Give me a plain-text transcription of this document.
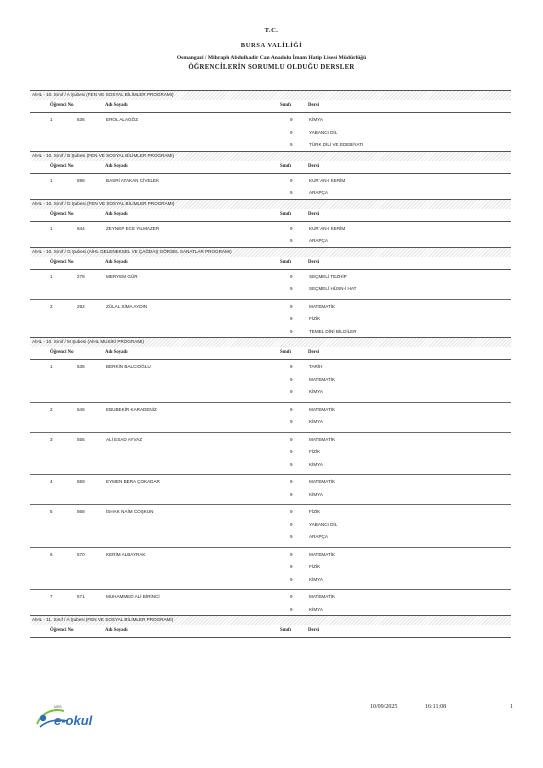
T.C.
BURSA VALİLİĞİ
Osmangazi / Mihraplı Abdulkadir Can Anadolu İmam Hatip Lisesi Müdürlüğü
ÖĞRENCİLERİN SORUMLU OLDUĞU DERSLER
AİHL - 10. Sınıf / A Şubesi (FEN VE SOSYAL BİLİMLER PROGRAMI)
Öğrenci No	Adı Soyadı	Sınıfı	Dersi
1	536	EROL ALAGÖZ	9	KİMYA
9	YABANCI DİL
9	TÜRK DİLİ VE EDEBİYATI
AİHL - 10. Sınıf / B Şubesi (FEN VE SOSYAL BİLİMLER PROGRAMI)
Öğrenci No	Adı Soyadı	Sınıfı	Dersi
1	598	BASRİ ATAKAN CİVELEK	9	KUR`AN-I KERİM
9	ARAPÇA
AİHL - 10. Sınıf / D Şubesi (FEN VE SOSYAL BİLİMLER PROGRAMI)
Öğrenci No	Adı Soyadı	Sınıfı	Dersi
1	644	ZEYNEP ECE YILMAZER	9	KUR`AN-I KERİM
9	ARAPÇA
AİHL - 10. Sınıf / G Şubesi (AİHL GELENEKSEL VE ÇAĞDAŞ GÖRSEL SANATLAR PROGRAMI)
Öğrenci No	Adı Soyadı	Sınıfı	Dersi
1	278	MERYEM GÜR	9	SEÇMELİ TEZHİP
9	SEÇMELİ HÜSN-İ HAT
2	292	ZÜLAL SİMA AYDIN	9	MATEMATİK
9	FİZİK
9	TEMEL DİNİ BİLGİLER
AİHL - 10. Sınıf / M Şubesi (AİHL MUSİKİ PROGRAMI)
Öğrenci No	Adı Soyadı	Sınıfı	Dersi
1	538	BERKİN BALCIOĞLU	9	TARİH
9	MATEMATİK
9	KİMYA
2	546	EBUBEKİR KARADENİZ	9	MATEMATİK
9	KİMYA
3	555	ALİ ESAD AYVAZ	9	MATEMATİK
9	FİZİK
9	KİMYA
4	559	EYMEN BERA ÇOKADAR	9	MATEMATİK
9	KİMYA
5	568	İSHAK NAİM COŞKUN	9	FİZİK
9	YABANCI DİL
9	ARAPÇA
6	570	KERİM ALBAYRAK	9	MATEMATİK
9	FİZİK
9	KİMYA
7	571	MUHAMMED ALİ BİRİNCİ	9	MATEMATİK
9	KİMYA
AİHL - 11. Sınıf / A Şubesi (FEN VE SOSYAL BİLİMLER PROGRAMI)
Öğrenci No	Adı Soyadı	Sınıfı	Dersi
MEB
e-okul
10/09/2025	16:11:08	1
